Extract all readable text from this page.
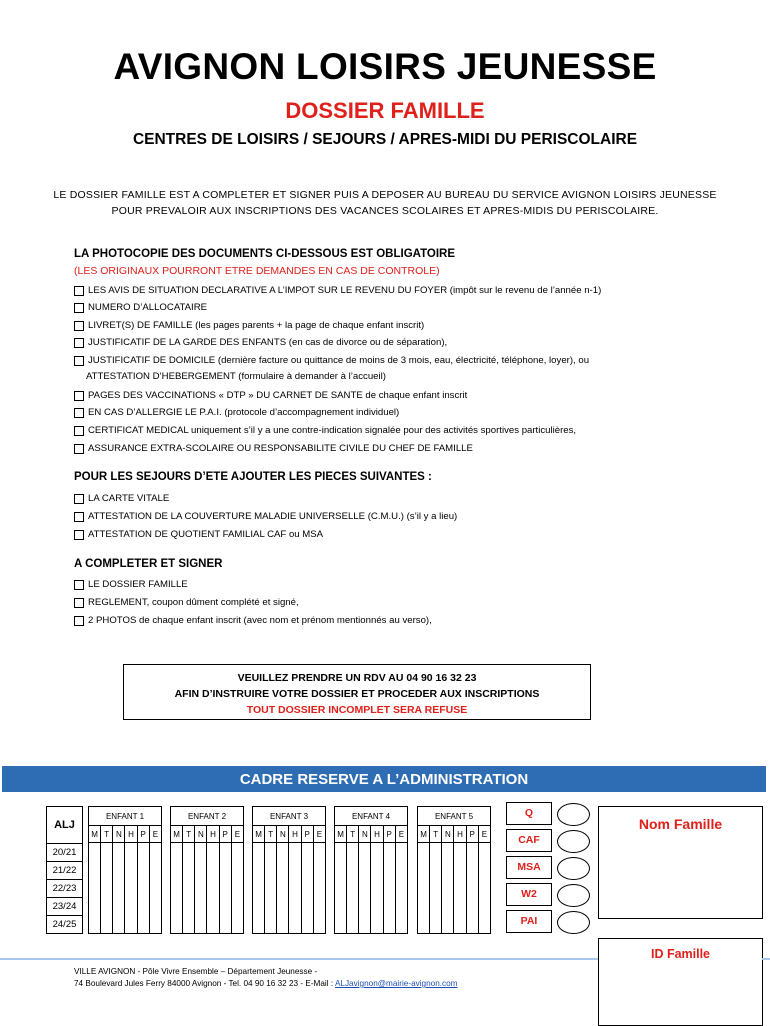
AVIGNON LOISIRS JEUNESSE
DOSSIER FAMILLE
CENTRES DE LOISIRS / SEJOURS / APRES-MIDI DU PERISCOLAIRE
LE DOSSIER FAMILLE EST A COMPLETER ET SIGNER PUIS A DEPOSER AU BUREAU DU SERVICE AVIGNON LOISIRS JEUNESSE
POUR PREVALOIR AUX INSCRIPTIONS DES VACANCES SCOLAIRES ET APRES-MIDIS DU PERISCOLAIRE.
LA PHOTOCOPIE DES DOCUMENTS CI-DESSOUS EST OBLIGATOIRE
(LES ORIGINAUX POURRONT ETRE DEMANDES EN CAS DE CONTROLE)
LES AVIS DE SITUATION DECLARATIVE A L’IMPOT SUR LE REVENU DU FOYER (impôt sur le revenu de l’année n-1)
NUMERO D’ALLOCATAIRE
LIVRET(S) DE FAMILLE (les pages parents + la page de chaque enfant inscrit)
JUSTIFICATIF DE LA GARDE DES ENFANTS (en cas de divorce ou de séparation),
JUSTIFICATIF DE DOMICILE (dernière facture ou quittance de moins de 3 mois, eau, électricité, téléphone, loyer), ou
ATTESTATION D’HEBERGEMENT (formulaire à demander à l’accueil)
PAGES DES VACCINATIONS « DTP » DU CARNET DE SANTE de chaque enfant inscrit
EN CAS D’ALLERGIE LE P.A.I. (protocole d’accompagnement individuel)
CERTIFICAT MEDICAL uniquement s’il y a une contre-indication signalée pour des activités sportives particulières,
ASSURANCE EXTRA-SCOLAIRE OU RESPONSABILITE CIVILE DU CHEF DE FAMILLE
POUR LES SEJOURS D’ETE AJOUTER LES PIECES SUIVANTES :
LA CARTE VITALE
ATTESTATION DE LA COUVERTURE MALADIE UNIVERSELLE (C.M.U.) (s’il y a lieu)
ATTESTATION DE QUOTIENT FAMILIAL CAF ou MSA
A COMPLETER ET SIGNER
LE DOSSIER FAMILLE
REGLEMENT, coupon dûment complété et signé,
2 PHOTOS de chaque enfant inscrit (avec nom et prénom mentionnés au verso),
VEUILLEZ PRENDRE UN RDV AU 04 90 16 32 23
AFIN D’INSTRUIRE VOTRE DOSSIER ET PROCEDER AUX INSCRIPTIONS
TOUT DOSSIER INCOMPLET SERA REFUSE
CADRE RESERVE A L’ADMINISTRATION
ALJ
20/21
21/22
22/23
23/24
24/25
ENFANT 1					
M	T	N	H	P	E

ENFANT 2					
M	T	N	H	P	E

ENFANT 3					
M	T	N	H	P	E

ENFANT 4					
M	T	N	H	P	E

ENFANT 5					
M	T	N	H	P	E

Q
CAF
MSA
W2
PAI
Nom Famille
ID Famille
VILLE AVIGNON - Pôle Vivre Ensemble – Département Jeunesse -
74 Boulevard Jules Ferry 84000 Avignon - Tel. 04 90 16 32 23 - E-Mail : ALJavignon@mairie-avignon.com
